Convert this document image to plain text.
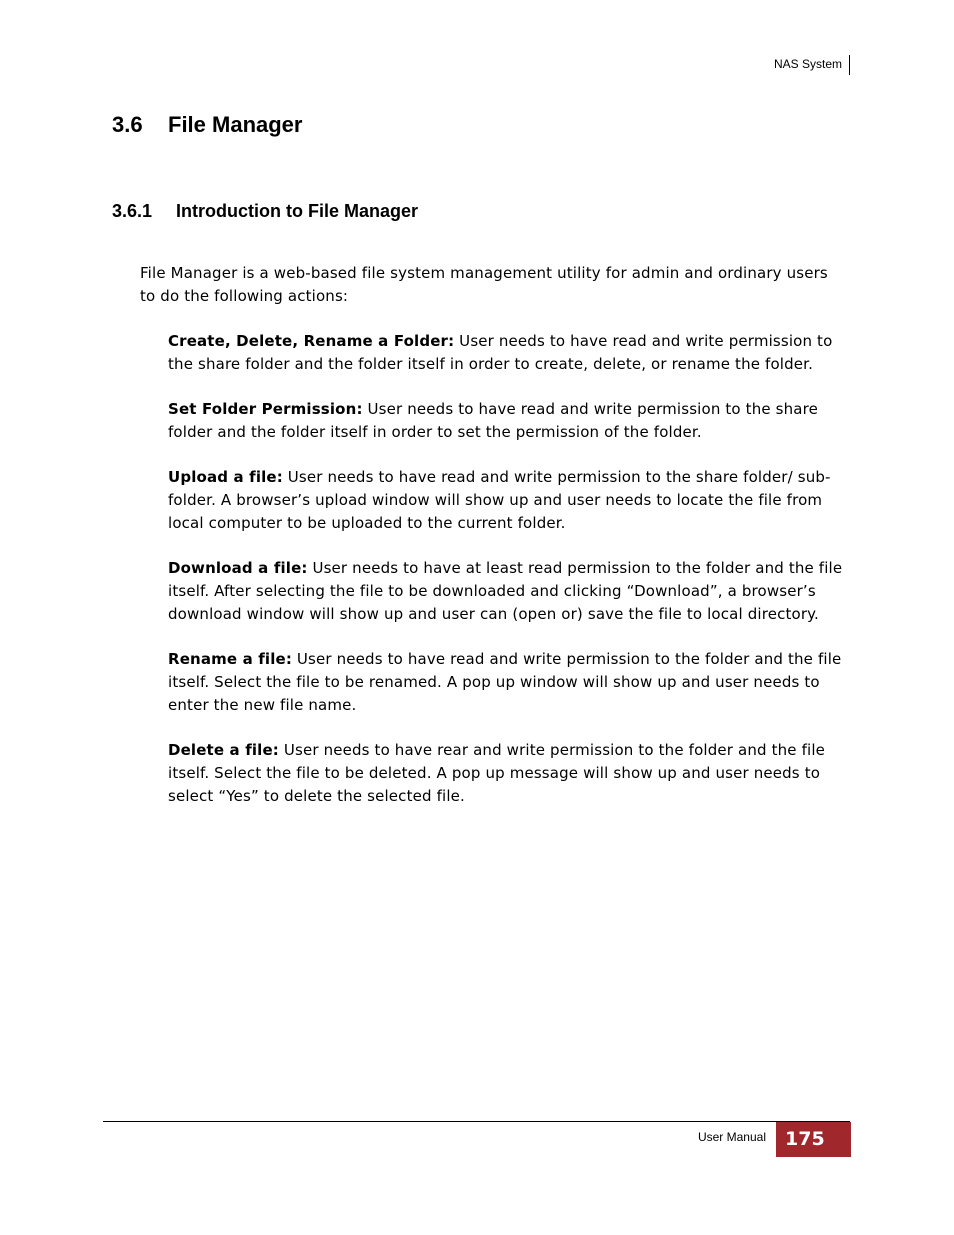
NAS System
3.6 File Manager
3.6.1 Introduction to File Manager

File Manager is a web-based file system management utility for admin and ordinary users to do the following actions:

Create, Delete, Rename a Folder: User needs to have read and write permission to the share folder and the folder itself in order to create, delete, or rename the folder.

Set Folder Permission: User needs to have read and write permission to the share folder and the folder itself in order to set the permission of the folder.

Upload a file: User needs to have read and write permission to the share folder/ sub-folder. A browser’s upload window will show up and user needs to locate the file from local computer to be uploaded to the current folder.

Download a file: User needs to have at least read permission to the folder and the file itself. After selecting the file to be downloaded and clicking “Download”, a browser’s download window will show up and user can (open or) save the file to local directory.

Rename a file: User needs to have read and write permission to the folder and the file itself. Select the file to be renamed. A pop up window will show up and user needs to enter the new file name.

Delete a file: User needs to have rear and write permission to the folder and the file itself. Select the file to be deleted. A pop up message will show up and user needs to select “Yes” to delete the selected file.

User Manual	175
